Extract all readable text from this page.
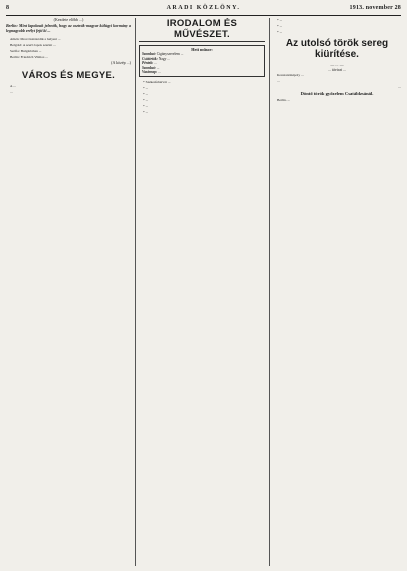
8	ARADI KÖZLÖNY.	1913. november 28

(Kezdete előbb ...)

Berlin: Mint lapoknak jelentik, hogy az osztrák-magyar külügyi kormány a legnagyobb erélyt fejti ki ...

Athén: Most tisztázódik a helyzet ...

Belgrád: A szerb lapok szerint ...

Szófia: Bulgáriában ...

Berlin: Friedrich Vilmos ...

(A közép ...)

VÁROS ÉS MEGYE.

A ...

...

IRODALOM ÉS MŰVÉSZET.

Heti műsor:

Szombat: Cigányszerelem ...

Csütörtök: Nagy ...

Péntek: ...

Szombat: ...

Vasárnap: ...

* Székesfehérvár ...

* ...

* ...

* ...

* ...

* ...

* ...

* ...

* ...

Az utolsó török sereg kiürítése.

— ... —

... távirat ...

Konstantinápoly ...

...

...

Döntő török győzelem Csatáldzsánál.

Berlin. ...
